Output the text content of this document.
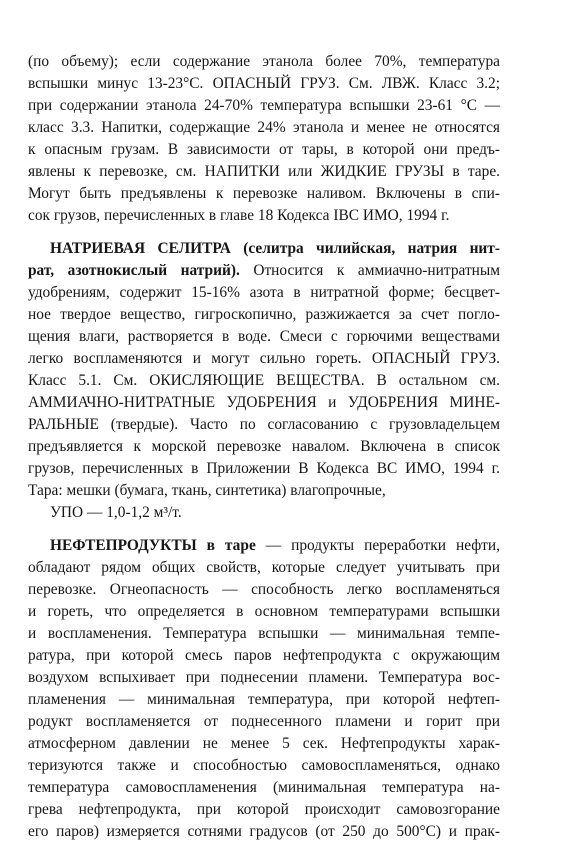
(по объему); если содержание этанола более 70%, температура
вспышки минус 13-23°С. ОПАСНЫЙ ГРУЗ. См. ЛВЖ. Класс 3.2;
при содержании этанола 24-70% температура вспышки 23-61 °С —
класс 3.3. Напитки, содержащие 24% этанола и менее не относятся
к опасным грузам. В зависимости от тары, в которой они предъ-
явлены к перевозке, см. НАПИТКИ или ЖИДКИЕ ГРУЗЫ в таре.
Могут быть предъявлены к перевозке наливом. Включены в спи-
сок грузов, перечисленных в главе 18 Кодекса IBC ИМО, 1994 г.
НАТРИЕВАЯ СЕЛИТРА (селитра чилийская, натрия нит-
рат, азотнокислый натрий). Относится к аммиачно-нитратным
удобрениям, содержит 15-16% азота в нитратной форме; бесцвет-
ное твердое вещество, гигроскопично, разжижается за счет погло-
щения влаги, растворяется в воде. Смеси с горючими веществами
легко воспламеняются и могут сильно гореть. ОПАСНЫЙ ГРУЗ.
Класс 5.1. См. ОКИСЛЯЮЩИЕ ВЕЩЕСТВА. В остальном см.
АММИАЧНО-НИТРАТНЫЕ УДОБРЕНИЯ и УДОБРЕНИЯ МИНЕ-
РАЛЬНЫЕ (твердые). Часто по согласованию с грузовладельцем
предъявляется к морской перевозке навалом. Включена в список
грузов, перечисленных в Приложении В Кодекса ВС ИМО, 1994 г.
Тара: мешки (бумага, ткань, синтетика) влагопрочные,
УПО — 1,0-1,2 м³/т.
НЕФТЕПРОДУКТЫ в таре — продукты переработки нефти,
обладают рядом общих свойств, которые следует учитывать при
перевозке. Огнеопасность — способность легко воспламеняться
и гореть, что определяется в основном температурами вспышки
и воспламенения. Температура вспышки — минимальная темпе-
ратура, при которой смесь паров нефтепродукта с окружающим
воздухом вспыхивает при поднесении пламени. Температура вос-
пламенения — минимальная температура, при которой нефтеп-
родукт воспламеняется от поднесенного пламени и горит при
атмосферном давлении не менее 5 сек. Нефтепродукты харак-
теризуются также и способностью самовоспламеняться, однако
температура самовоспламенения (минимальная температура на-
грева нефтепродукта, при которой происходит самовозгорание
его паров) измеряется сотнями градусов (от 250 до 500°С) и прак-
